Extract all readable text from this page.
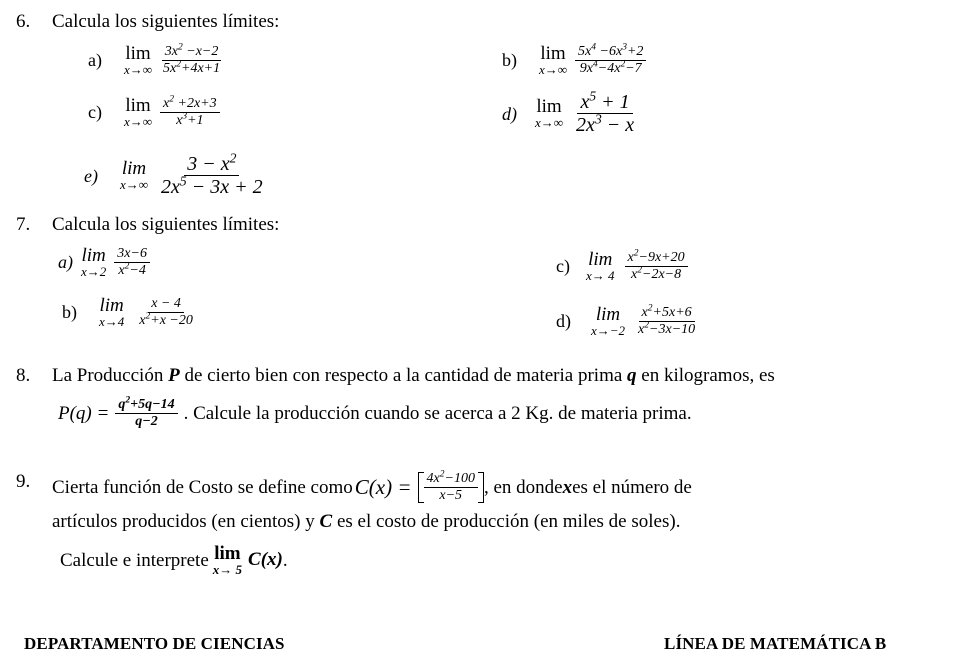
6. Calcula los siguientes límites:
a) lim
$x\to\infty \frac{3x^2 -x-2}{5x^2+4x+1}$	b) lim
$x\to\infty \frac{5x^4 -6x^3+2}{9x^4-4x^2-7}$
c) lim
$x\to\infty \frac{x^2 +2x+3}{x^3+1}$	d) lim
$x\to\infty \frac{x^5 + 1}{2x^3 - x}$
e) lim
$x\to\infty \frac{3 - x^2}{2x^5 - 3x + 2}$
7. Calcula los siguientes límites:
a) lim
$x\to 2 \frac{3x-6}{x^2-4}$
b) lim
$x\to 4 \frac{x - 4}{x^2+x -20}$
c) lim
$x\to 4 \frac{x^2-9x+20}{x^2-2x-8}$
d) lim
$x\to-2 \frac{x^2+5x+6}{x^2-3x-10}$
8. La Producción P de cierto bien con respecto a la cantidad de materia prima q en kilogramos, es
$P(q) = \frac{q^2+5q-14}{q-2}$ . Calcule la producción cuando se acerca a 2 Kg. de materia prima.
9. Cierta función de Costo se define como $C(x) = \frac{4x^2-100}{x-5}$ , en donde x es el número de
artículos producidos (en cientos) y C es el costo de producción (en miles de soles).
Calcule e interprete lim
x→ 5 C(x) .
DEPARTAMENTO DE CIENCIAS	LÍNEA DE MATEMÁTICA B
